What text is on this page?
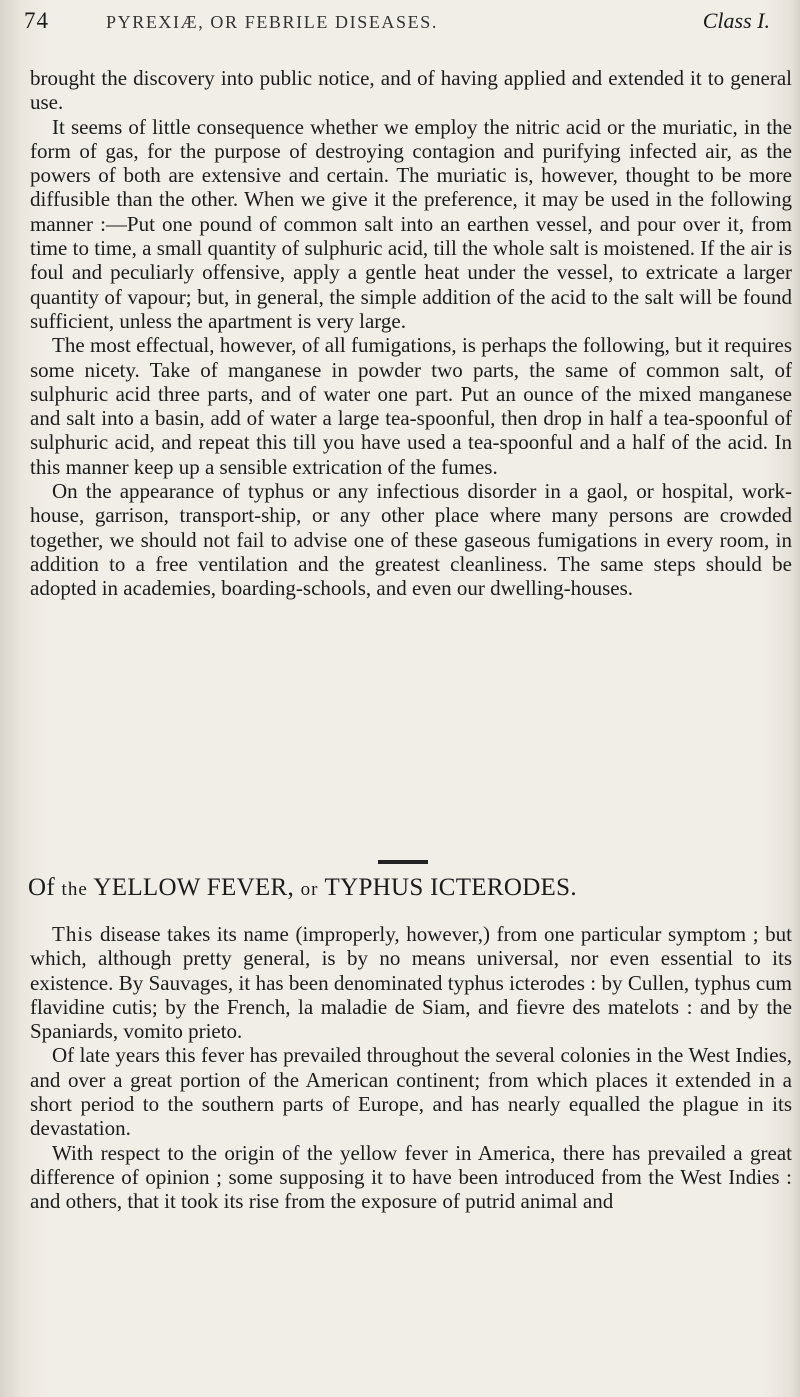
74	PYREXIÆ, OR FEBRILE DISEASES.	Class I.

brought the discovery into public notice, and of having applied and extended it to general use.

It seems of little consequence whether we employ the nitric acid or the muriatic, in the form of gas, for the purpose of destroying contagion and purifying infected air, as the powers of both are extensive and certain. The muriatic is, however, thought to be more diffusible than the other. When we give it the preference, it may be used in the following manner :—Put one pound of common salt into an earthen vessel, and pour over it, from time to time, a small quantity of sulphuric acid, till the whole salt is moistened. If the air is foul and peculiarly offensive, apply a gentle heat under the vessel, to extricate a larger quantity of vapour; but, in general, the simple addition of the acid to the salt will be found sufficient, unless the apartment is very large.

The most effectual, however, of all fumigations, is perhaps the following, but it requires some nicety. Take of manganese in powder two parts, the same of common salt, of sulphuric acid three parts, and of water one part. Put an ounce of the mixed manganese and salt into a basin, add of water a large tea-spoonful, then drop in half a tea-spoonful of sulphuric acid, and repeat this till you have used a tea-spoonful and a half of the acid. In this manner keep up a sensible extrication of the fumes.

On the appearance of typhus or any infectious disorder in a gaol, or hospital, work-house, garrison, transport-ship, or any other place where many persons are crowded together, we should not fail to advise one of these gaseous fumigations in every room, in addition to a free ventilation and the greatest cleanliness. The same steps should be adopted in academies, boarding-schools, and even our dwelling-houses.

Of the YELLOW FEVER, or TYPHUS ICTERODES.

This disease takes its name (improperly, however,) from one particular symptom ; but which, although pretty general, is by no means universal, nor even essential to its existence. By Sauvages, it has been denominated typhus icterodes : by Cullen, typhus cum flavidine cutis; by the French, la maladie de Siam, and fievre des matelots : and by the Spaniards, vomito prieto.

Of late years this fever has prevailed throughout the several colonies in the West Indies, and over a great portion of the American continent; from which places it extended in a short period to the southern parts of Europe, and has nearly equalled the plague in its devastation.

With respect to the origin of the yellow fever in America, there has prevailed a great difference of opinion ; some supposing it to have been introduced from the West Indies : and others, that it took its rise from the exposure of putrid animal and
